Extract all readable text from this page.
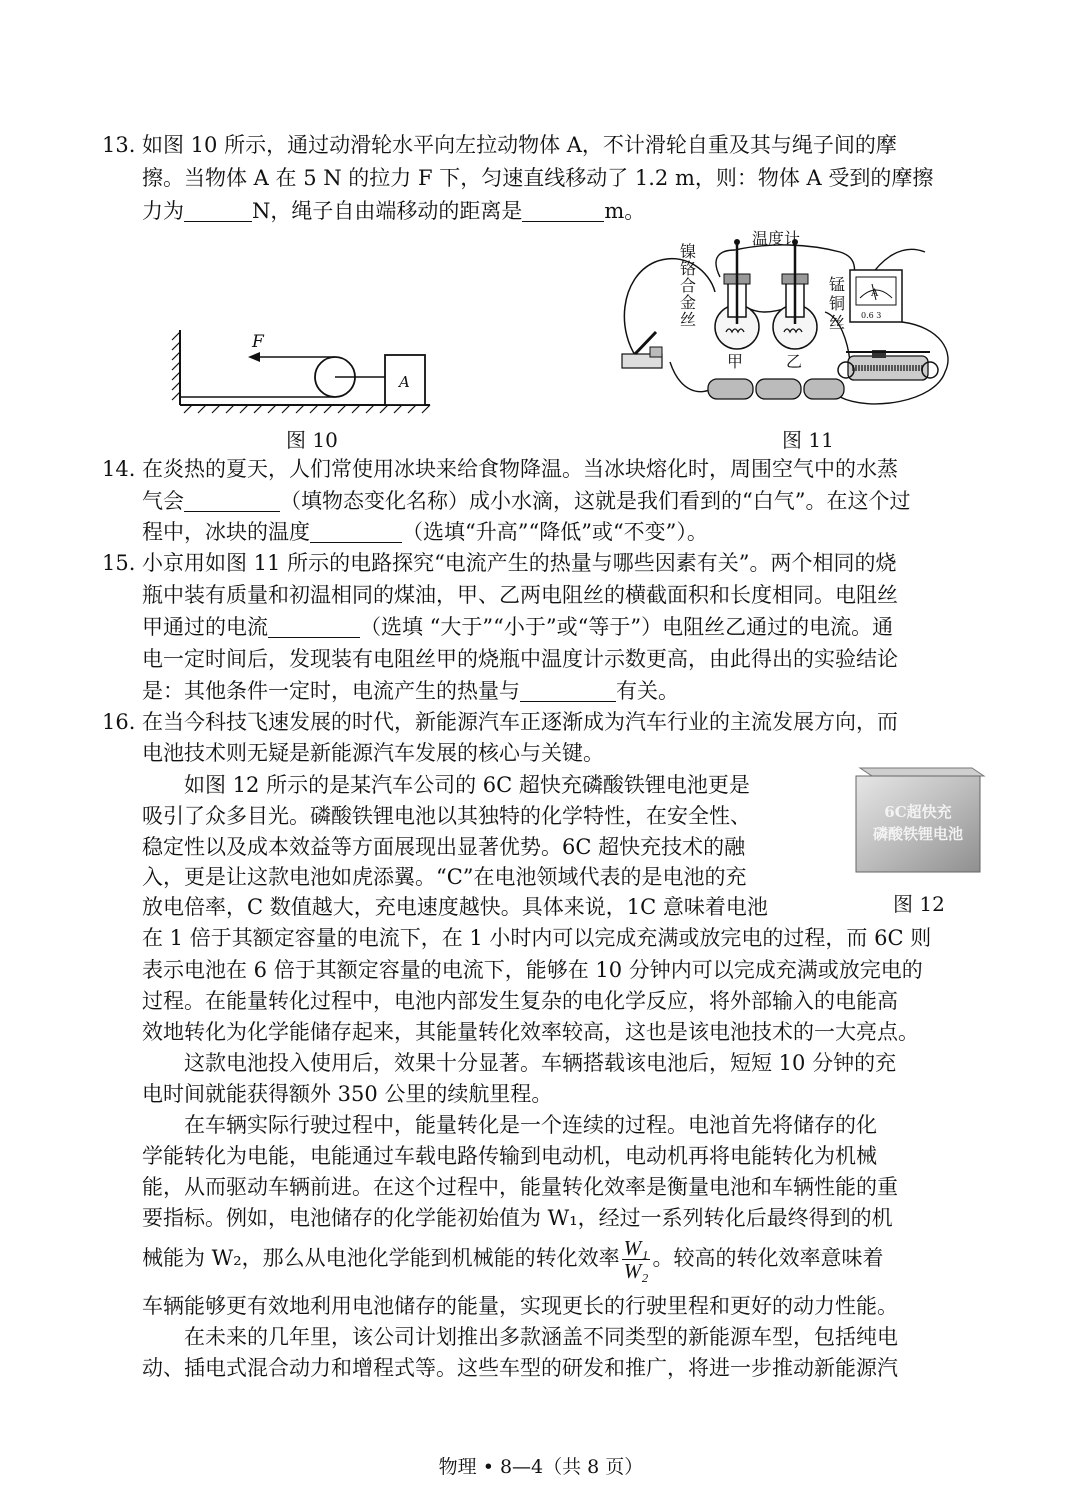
13. 如图 10 所示，通过动滑轮水平向左拉动物体 A，不计滑轮自重及其与绳子间的摩
擦。当物体 A 在 5 N 的拉力 F 下，匀速直线移动了 1.2 m，则：物体 A 受到的摩擦
力为	N，绳子自由端移动的距离是	m。
F
A
图 10
A
0.6 3
温度计
甲	乙
镍铬合金丝
锰铜丝
图 11
14. 在炎热的夏天，人们常使用冰块来给食物降温。当冰块熔化时，周围空气中的水蒸
气会	（填物态变化名称）成小水滴，这就是我们看到的“白气”。在这个过
程中，冰块的温度	（选填“升高”“降低”或“不变”）。
15. 小京用如图 11 所示的电路探究“电流产生的热量与哪些因素有关”。两个相同的烧
瓶中装有质量和初温相同的煤油，甲、乙两电阻丝的横截面积和长度相同。电阻丝
甲通过的电流	（选填 “大于”“小于”或“等于”）电阻丝乙通过的电流。通
电一定时间后，发现装有电阻丝甲的烧瓶中温度计示数更高，由此得出的实验结论
是：其他条件一定时，电流产生的热量与	有关。
16. 在当今科技飞速发展的时代，新能源汽车正逐渐成为汽车行业的主流发展方向，而
电池技术则无疑是新能源汽车发展的核心与关键。
如图 12 所示的是某汽车公司的 6C 超快充磷酸铁锂电池更是
吸引了众多目光。磷酸铁锂电池以其独特的化学特性，在安全性、
稳定性以及成本效益等方面展现出显著优势。6C 超快充技术的融
入，更是让这款电池如虎添翼。“C”在电池领域代表的是电池的充
放电倍率，C 数值越大，充电速度越快。具体来说，1C 意味着电池
6C超快充
磷酸铁锂电池
图 12
在 1 倍于其额定容量的电流下，在 1 小时内可以完成充满或放完电的过程，而 6C 则
表示电池在 6 倍于其额定容量的电流下，能够在 10 分钟内可以完成充满或放完电的
过程。在能量转化过程中，电池内部发生复杂的电化学反应，将外部输入的电能高
效地转化为化学能储存起来，其能量转化效率较高，这也是该电池技术的一大亮点。
这款电池投入使用后，效果十分显著。车辆搭载该电池后，短短 10 分钟的充
电时间就能获得额外 350 公里的续航里程。
在车辆实际行驶过程中，能量转化是一个连续的过程。电池首先将储存的化
学能转化为电能，电能通过车载电路传输到电动机，电动机再将电能转化为机械
能，从而驱动车辆前进。在这个过程中，能量转化效率是衡量电池和车辆性能的重
要指标。例如，电池储存的化学能初始值为 W₁，经过一系列转化后最终得到的机
械能为 W₂，那么从电池化学能到机械能的转化效率 $\frac{\text{W₁}}{\text{W₂}}$ 。较高的转化效率意味着
车辆能够更有效地利用电池储存的能量，实现更长的行驶里程和更好的动力性能。
在未来的几年里，该公司计划推出多款涵盖不同类型的新能源车型，包括纯电
动、插电式混合动力和增程式等。这些车型的研发和推广，将进一步推动新能源汽
物理 • 8—4（共 8 页）
